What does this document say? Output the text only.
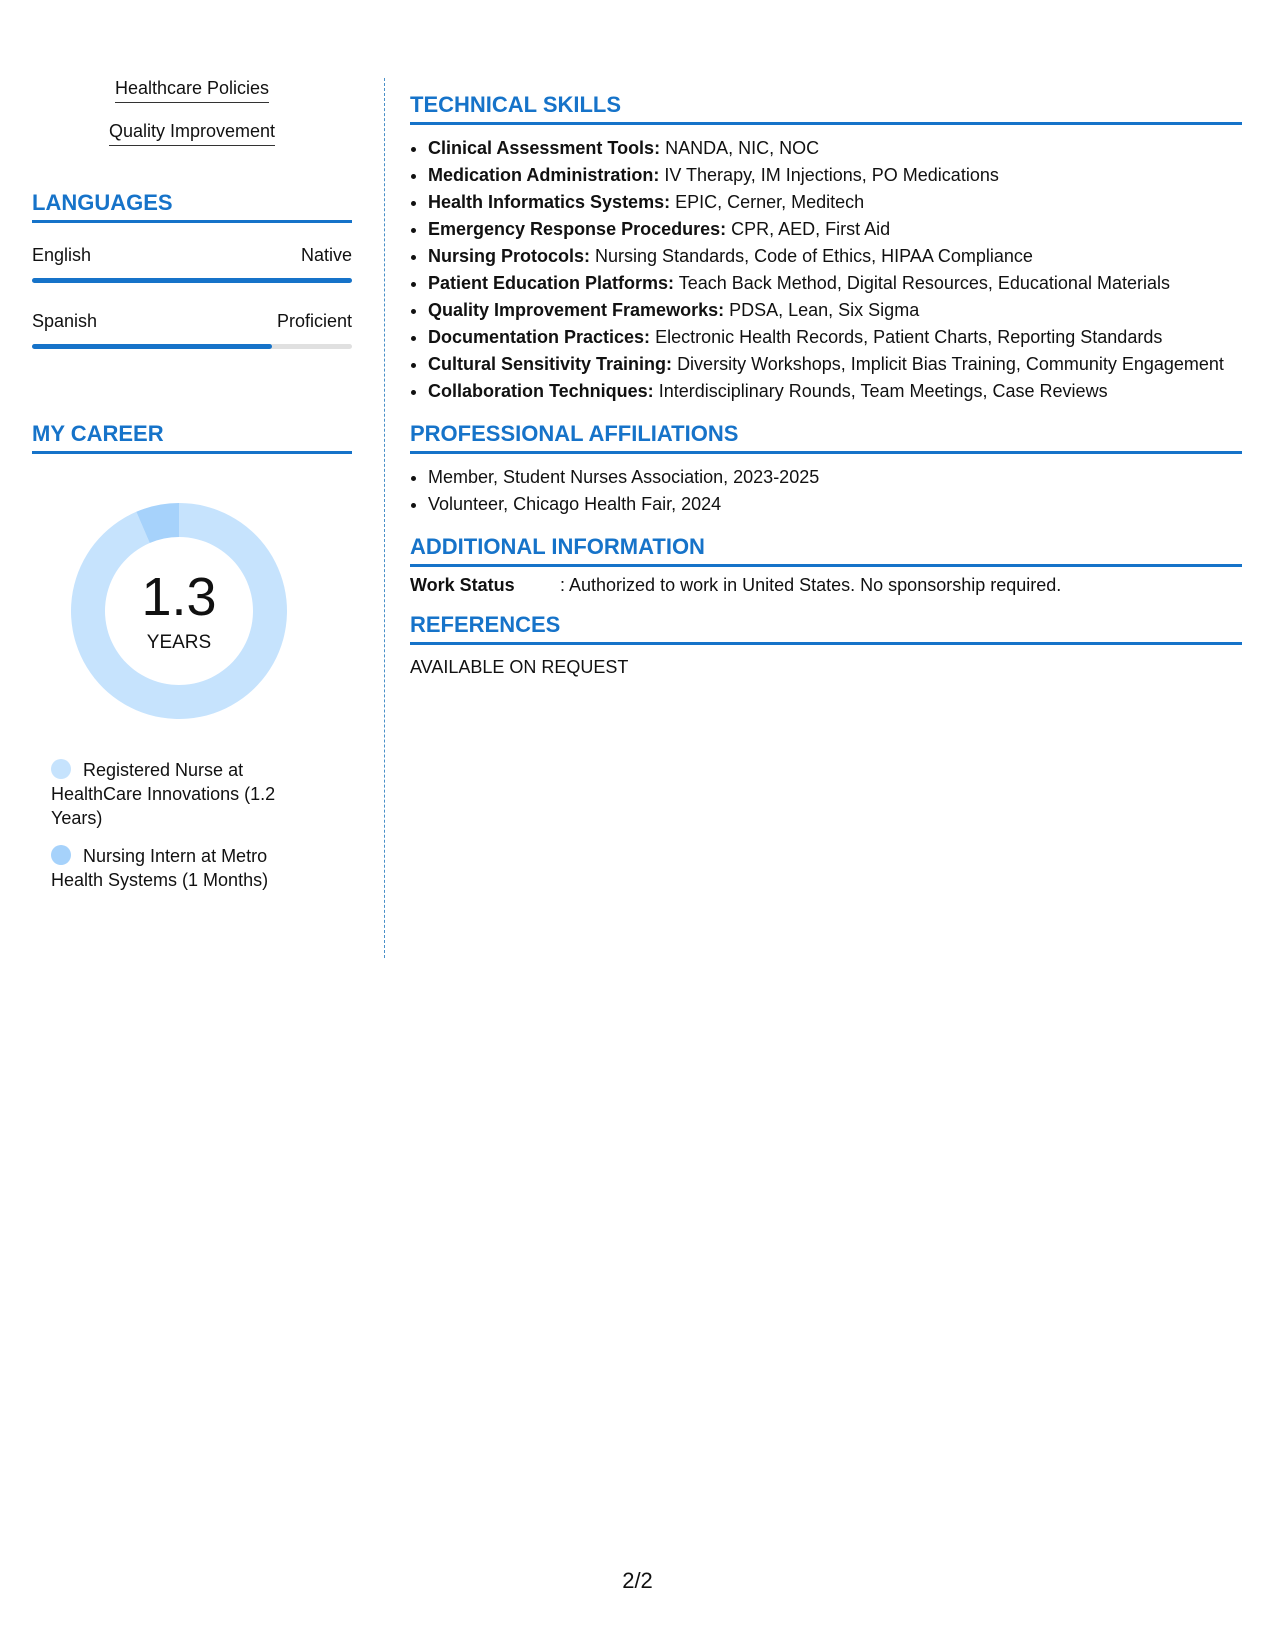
Healthcare Policies
Quality Improvement
LANGUAGES
English	Native
Spanish	Proficient
MY CAREER
1.3
YEARS
Registered Nurse at HealthCare Innovations (1.2 Years)
Nursing Intern at Metro Health Systems (1 Months)
TECHNICAL SKILLS
• Clinical Assessment Tools: NANDA, NIC, NOC
• Medication Administration: IV Therapy, IM Injections, PO Medications
• Health Informatics Systems: EPIC, Cerner, Meditech
• Emergency Response Procedures: CPR, AED, First Aid
• Nursing Protocols: Nursing Standards, Code of Ethics, HIPAA Compliance
• Patient Education Platforms: Teach Back Method, Digital Resources, Educational Materials
• Quality Improvement Frameworks: PDSA, Lean, Six Sigma
• Documentation Practices: Electronic Health Records, Patient Charts, Reporting Standards
• Cultural Sensitivity Training: Diversity Workshops, Implicit Bias Training, Community Engagement
• Collaboration Techniques: Interdisciplinary Rounds, Team Meetings, Case Reviews
PROFESSIONAL AFFILIATIONS
• Member, Student Nurses Association, 2023-2025
• Volunteer, Chicago Health Fair, 2024
ADDITIONAL INFORMATION
Work Status	: Authorized to work in United States. No sponsorship required.
REFERENCES
AVAILABLE ON REQUEST
2/2
